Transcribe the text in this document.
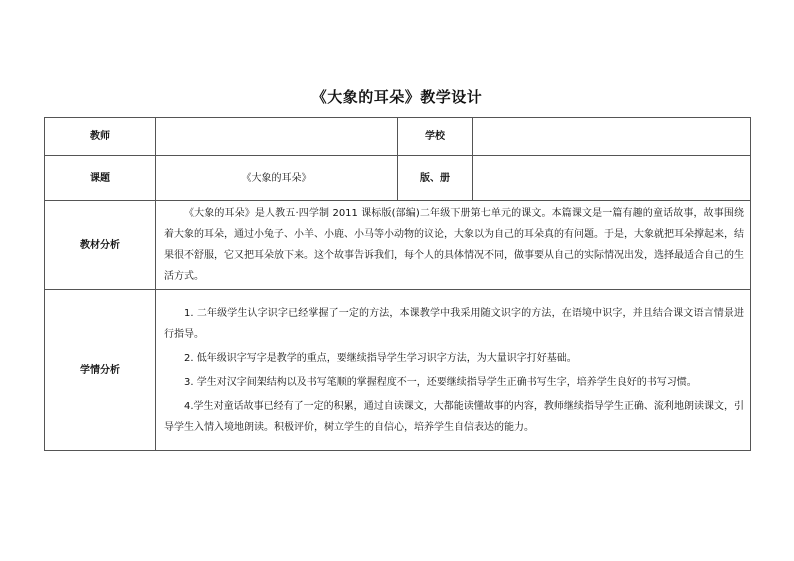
《大象的耳朵》教学设计
教师		学校	
课题	《大象的耳朵》	版、册	
教材分析	《大象的耳朵》是人教五·四学制 2011 课标版(部编)二年级下册第七单元的课文。本篇课文是一篇有趣的童话故事，故事围绕着大象的耳朵，通过小兔子、小羊、小鹿、小马等小动物的议论，大象以为自己的耳朵真的有问题。于是，大象就把耳朵撑起来，结果很不舒服，它又把耳朵放下来。这个故事告诉我们，每个人的具体情况不同，做事要从自己的实际情况出发，选择最适合自己的生活方式。		

学情分析	1. 二年级学生认字识字已经掌握了一定的方法，本课教学中我采用随文识字的方法，在语境中识字，并且结合课文语言情景进行指导。
2. 低年级识字写字是教学的重点，要继续指导学生学习识字方法，为大量识字打好基础。
3. 学生对汉字间架结构以及书写笔顺的掌握程度不一，还要继续指导学生正确书写生字，培养学生良好的书写习惯。
4.学生对童话故事已经有了一定的积累，通过自读课文，大都能读懂故事的内容，教师继续指导学生正确、流利地朗读课文，引导学生入情入境地朗读。积极评价，树立学生的自信心，培养学生自信表达的能力。		
